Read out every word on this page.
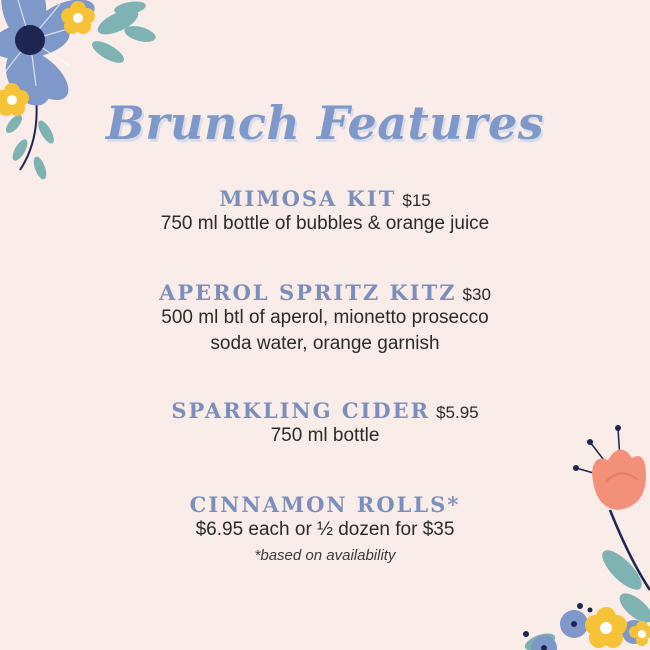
Brunch Features
MIMOSA KIT $15
750 ml bottle of bubbles & orange juice
APEROL SPRITZ KITZ $30
500 ml btl of aperol, mionetto prosecco
soda water, orange garnish
SPARKLING CIDER $5.95
750 ml bottle
CINNAMON ROLLS*
$6.95 each or ½ dozen for $35
*based on availability
